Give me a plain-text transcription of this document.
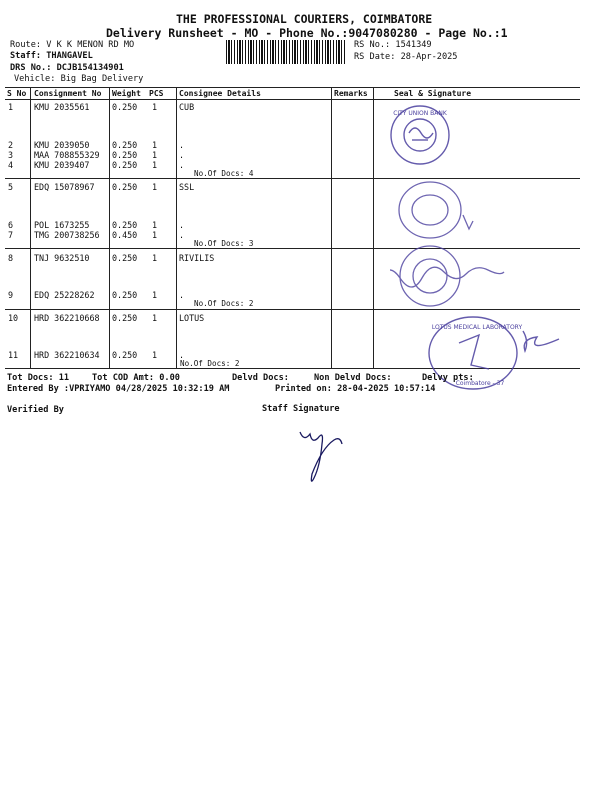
THE PROFESSIONAL COURIERS, COIMBATORE
Delivery Runsheet - MO - Phone No.:9047080280 - Page No.:1
Route: V K K MENON RD MO
Staff: THANGAVEL
DRS No.: DCJB154134901
Vehicle: Big Bag Delivery
RS No.: 1541349
RS Date: 28-Apr-2025
S No Consignment No Weight PCS Consignee Details	Remarks	Seal & Signature
1 KMU 2035561	0.250 1	CUB
2 KMU 2039050	0.250 1	.
3 MAA 708855329 0.250 1	.
4 KMU 2039407	0.250 1	.
No.Of Docs: 4
5 EDQ 15078967 0.250 1	SSL
6 POL 1673255	0.250 1	.
7 TMG 200738256 0.450 1	.
No.Of Docs: 3
8 TNJ 9632510	0.250 1	RIVILIS
9 EDQ 25228262 0.250 1	.
No.Of Docs: 2
10 HRD 362210668 0.250 1	LOTUS
11 HRD 362210634 0.250 1	.
No.Of Docs: 2
CITY UNION BANK
LOTUS MEDICAL LABORATORY
Coimbatore - 37
Tot Docs: 11	Tot COD Amt: 0.00	Delvd Docs:	Non Delvd Docs:	Delvy pts:
Entered By :VPRIYAMO 04/28/2025 10:32:19 AM	Printed on: 28-04-2025 10:57:14
Verified By	Staff Signature
